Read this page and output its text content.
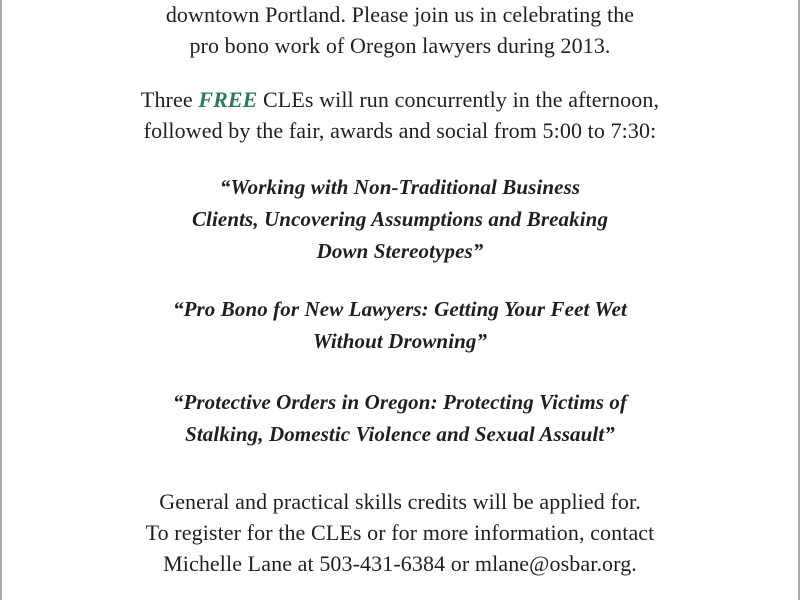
downtown Portland. Please join us in celebrating the
pro bono work of Oregon lawyers during 2013.
Three FREE CLEs will run concurrently in the afternoon,
followed by the fair, awards and social from 5:00 to 7:30:
“Working with Non-Traditional Business
Clients, Uncovering Assumptions and Breaking
Down Stereotypes”
“Pro Bono for New Lawyers: Getting Your Feet Wet
Without Drowning”
“Protective Orders in Oregon: Protecting Victims of
Stalking, Domestic Violence and Sexual Assault”
General and practical skills credits will be applied for.
To register for the CLEs or for more information, contact
Michelle Lane at 503-431-6384 or mlane@osbar.org.
